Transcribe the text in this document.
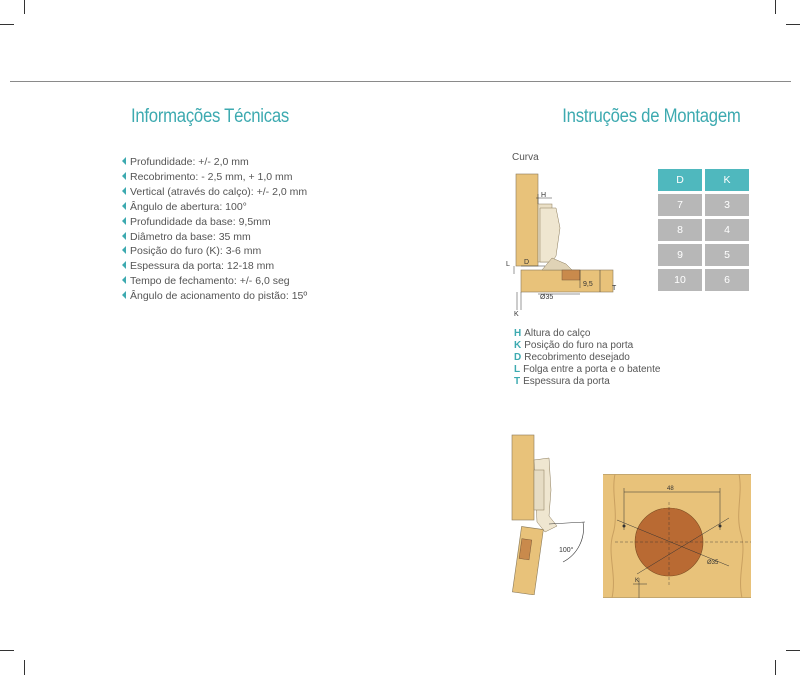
Informações Técnicas	Instruções de Montagem
Profundidade: +/- 2,0 mm
Recobrimento: - 2,5 mm, + 1,0 mm
Vertical (através do calço): +/- 2,0 mm
Ângulo de abertura: 100°
Profundidade da base: 9,5mm
Diâmetro da base: 35 mm
Posição do furo (K): 3-6 mm
Espessura da porta: 12-18 mm
Tempo de fechamento: +/- 6,0 seg
Ângulo de acionamento do pistão: 15º
Curva
H
D
L
K
9,5
T
Ø35
D	K
7	3
8	4
9	5
10	6
H Altura do calço
K Posição do furo na porta
D Recobrimento desejado
L Folga entre a porta e o batente
T Espessura da porta
100°
48
Ø35
K
